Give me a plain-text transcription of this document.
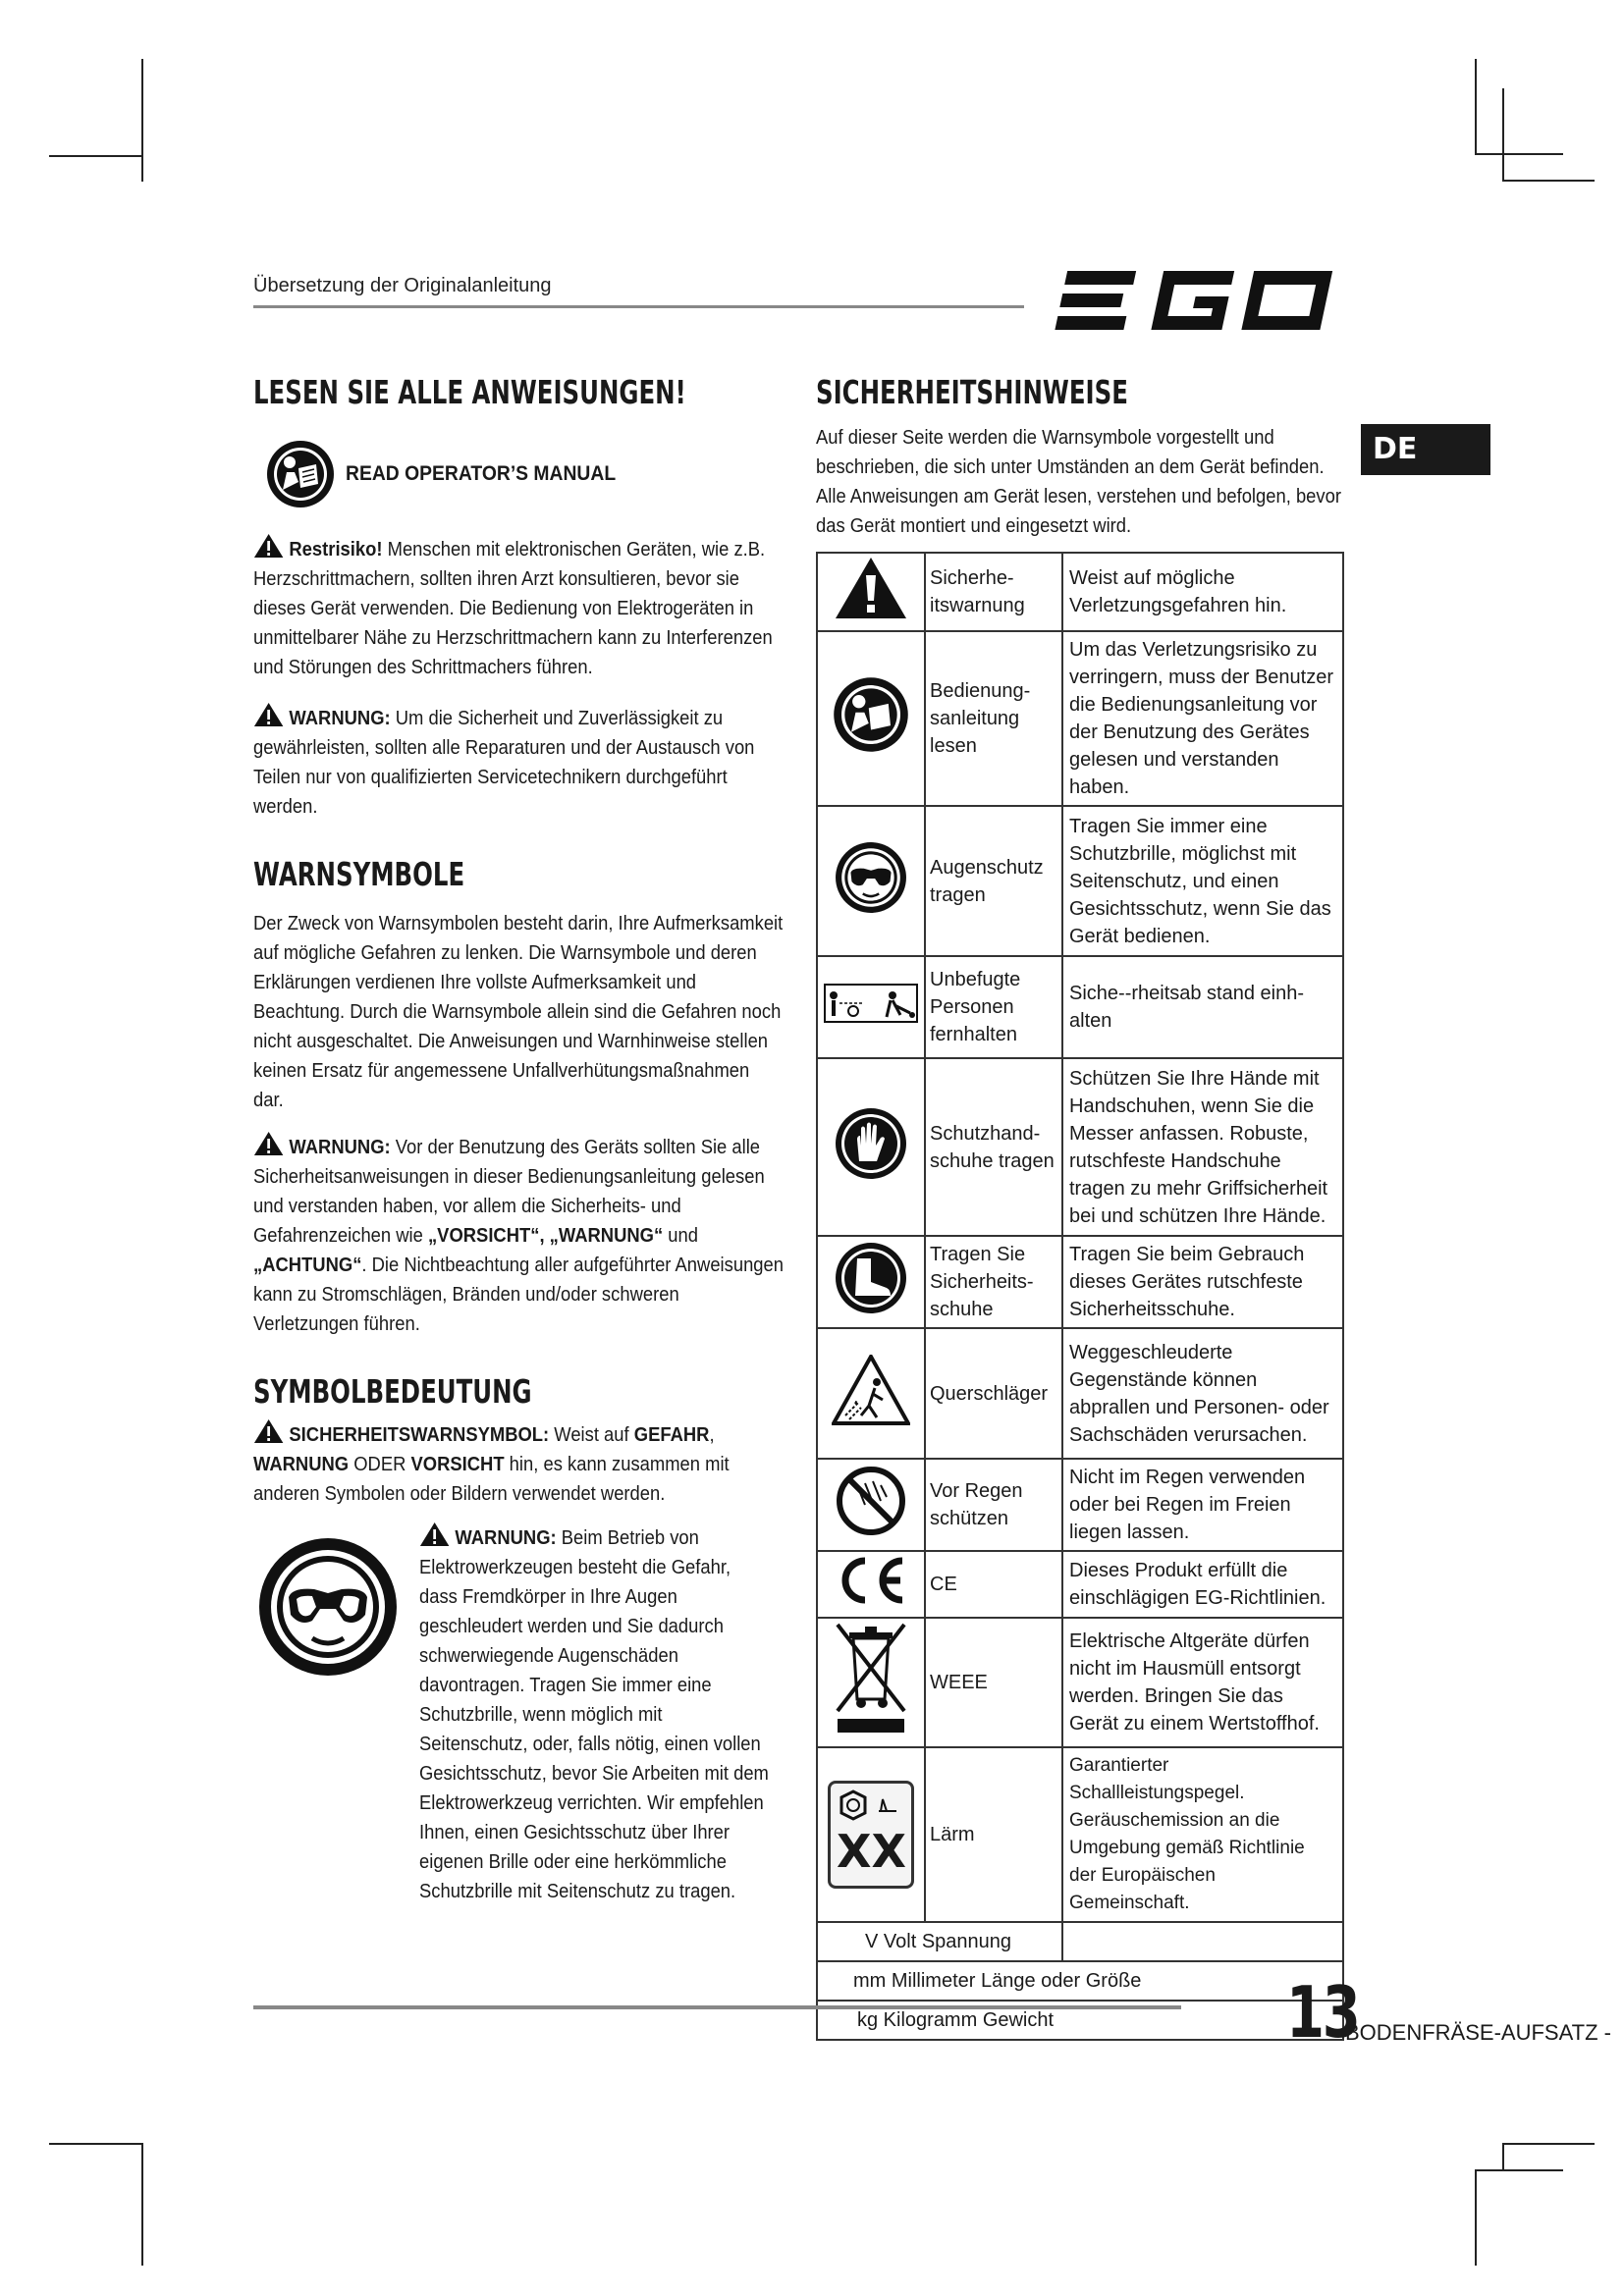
Übersetzung der Originalanleitung
DE
LESEN SIE ALLE ANWEISUNGEN!
READ OPERATOR’S MANUAL

Restrisiko! Menschen mit elektronischen Geräten, wie z.B. Herzschrittmachern, sollten ihren Arzt konsultieren, bevor sie dieses Gerät verwenden. Die Bedienung von Elektrogeräten in unmittelbarer Nähe zu Herzschrittmachern kann zu Interferenzen und Störungen des Schrittmachers führen.

WARNUNG: Um die Sicherheit und Zuverlässigkeit zu gewährleisten, sollten alle Reparaturen und der Austausch von Teilen nur von qualifizierten Servicetechnikern durchgeführt werden.

WARNSYMBOLE

Der Zweck von Warnsymbolen besteht darin, Ihre Aufmerksamkeit auf mögliche Gefahren zu lenken. Die Warnsymbole und deren Erklärungen verdienen Ihre vollste Aufmerksamkeit und Beachtung. Durch die Warnsymbole allein sind die Gefahren noch nicht ausgeschaltet. Die Anweisungen und Warnhinweise stellen keinen Ersatz für angemessene Unfallverhütungsmaßnahmen dar.

WARNUNG: Vor der Benutzung des Geräts sollten Sie alle Sicherheitsanweisungen in dieser Bedienungsanleitung gelesen und verstanden haben, vor allem die Sicherheits- und Gefahrenzeichen wie „VORSICHT“, „WARNUNG“ und „ACHTUNG“. Die Nichtbeachtung aller aufgeführter Anweisungen kann zu Stromschlägen, Bränden und/oder schweren Verletzungen führen.

SYMBOLBEDEUTUNG

SICHERHEITSWARNSYMBOL: Weist auf GEFAHR, WARNUNG ODER VORSICHT hin, es kann zusammen mit anderen Symbolen oder Bildern verwendet werden.

WARNUNG: Beim Betrieb von Elektrowerkzeugen besteht die Gefahr, dass Fremdkörper in Ihre Augen geschleudert werden und Sie dadurch schwerwiegende Augenschäden davontragen. Tragen Sie immer eine Schutzbrille, wenn möglich mit Seitenschutz, oder, falls nötig, einen vollen Gesichtsschutz, bevor Sie Arbeiten mit dem Elektrowerkzeug verrichten. Wir empfehlen Ihnen, einen Gesichtsschutz über Ihrer eigenen Brille oder eine herkömmliche Schutzbrille mit Seitenschutz zu tragen.

SICHERHEITSHINWEISE

Auf dieser Seite werden die Warnsymbole vorgestellt und beschrieben, die sich unter Umständen an dem Gerät befinden. Alle Anweisungen am Gerät lesen, verstehen und befolgen, bevor das Gerät montiert und eingesetzt wird.

	Sicherhe-itswarnung	Weist auf mögliche Verletzungsgefahren hin.
	Bedienung-sanleitung lesen	Um das Verletzungsrisiko zu verringern, muss der Benutzer die Bedienungsanleitung vor der Benutzung des Gerätes gelesen und verstanden haben.
	Augenschutz tragen	Tragen Sie immer eine Schutzbrille, möglichst mit Seitenschutz, und einen Gesichtsschutz, wenn Sie das Gerät bedienen.
	Unbefugte Personen fernhalten	Siche--rheitsab stand einh-alten
	Schutzhand-schuhe tragen	Schützen Sie Ihre Hände mit Handschuhen, wenn Sie die Messer anfassen. Robuste, rutschfeste Handschuhe tragen zu mehr Griffsicherheit bei und schützen Ihre Hände.
	Tragen Sie Sicherheits-schuhe	Tragen Sie beim Gebrauch dieses Gerätes rutschfeste Sicherheitsschuhe.
	Querschläger	Weggeschleuderte Gegenstände können abprallen und Personen- oder Sachschäden verursachen.
	Vor Regen schützen	Nicht im Regen verwenden oder bei Regen im Freien liegen lassen.
	CE	Dieses Produkt erfüllt die einschlägigen EG-Richtlinien.
	WEEE	Elektrische Altgeräte dürfen nicht im Hausmüll entsorgt werden. Bringen Sie das Gerät zu einem Wertstoffhof.

XX	Lärm	Garantierter Schallleistungspegel. Geräuschemission an die Umgebung gemäß Richtlinie der Europäischen Gemeinschaft.
V Volt Spannung		
mm Millimeter Länge oder Größe		
kg Kilogramm Gewicht			13
BODENFRÄSE-AUFSATZ -
